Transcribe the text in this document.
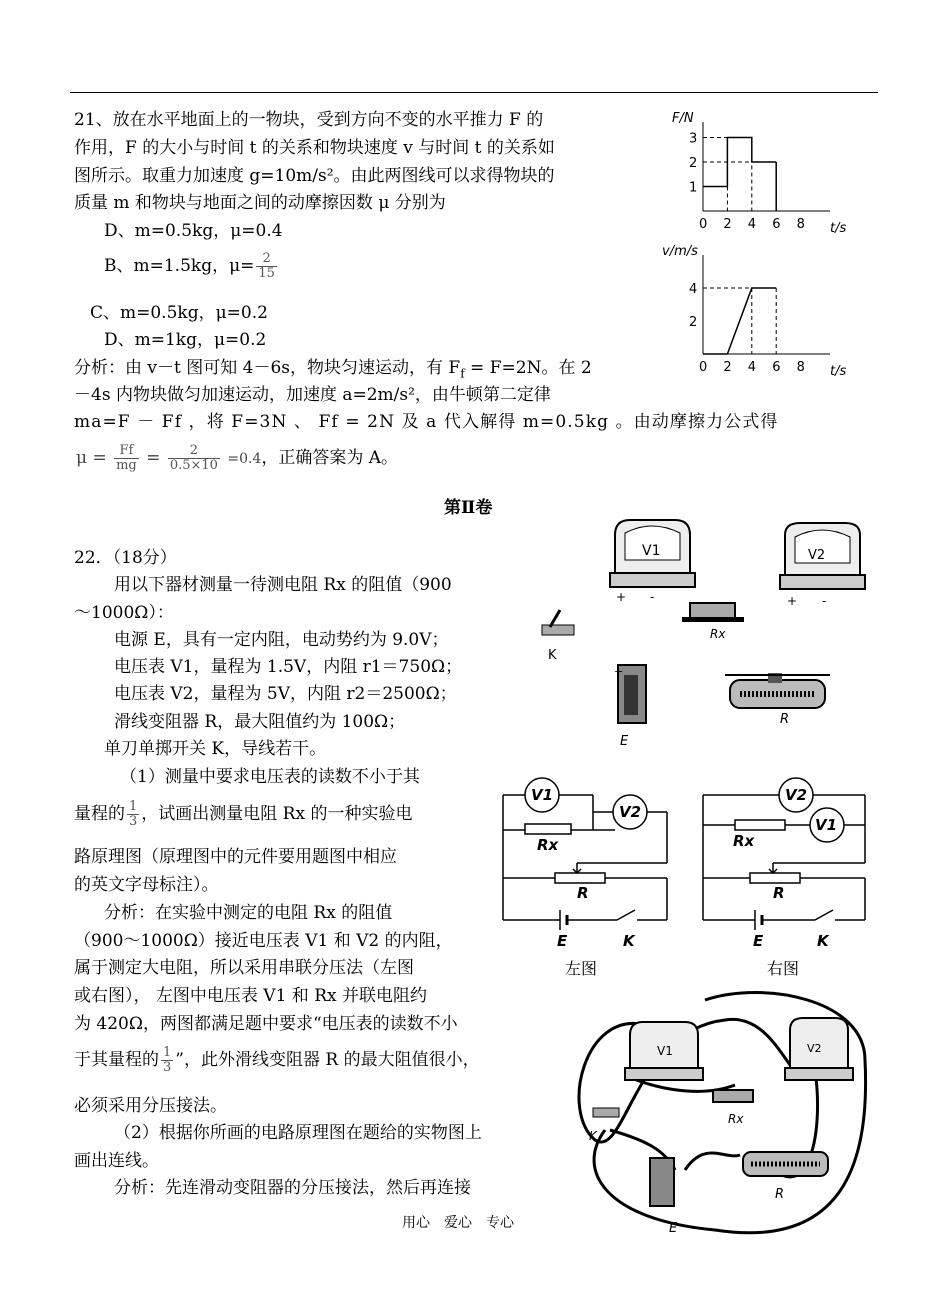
21、放在水平地面上的一物块，受到方向不变的水平推力 F 的
作用，F 的大小与时间 t 的关系和物块速度 v 与时间 t 的关系如
图所示。取重力加速度 g=10m/s²。由此两图线可以求得物块的
质量 m 和物块与地面之间的动摩擦因数 μ 分别为
D、m=0.5kg，μ=0.4
B、m=1.5kg，$\mu= \frac{2}{15}$
C、m=0.5kg，μ=0.2
D、m=1kg，μ=0.2
分析：由 v－t 图可知 4－6s，物块匀速运动，有 $F_f = F=2N$。在 2
－4s 内物块做匀加速运动，加速度 a=2m/s²，由牛顿第二定律
ma=F － Ff ，将 F=3N 、 Ff = 2N 及 a 代入解得 m=0.5kg 。由动摩擦力公式得
$\mu = \frac{Ff}{mg} = \frac{2}{0.5\times 10} =0.4$，正确答案为 A。
F/N
0 2 4 6 8
1
2
3
t/s
v/m/s
0 2 4 6 8
2
4
t/s
第Ⅱ卷
22．（18分）
用以下器材测量一待测电阻 Rx 的阻值（900
～1000Ω）：
电源 E，具有一定内阻，电动势约为 9.0V；
电压表 V1，量程为 1.5V，内阻 r1＝750Ω；
电压表 V2，量程为 5V，内阻 r2＝2500Ω；
滑线变阻器 R，最大阻值约为 100Ω；
单刀单掷开关 K，导线若干。
（1）测量中要求电压表的读数不小于其
量程的 $\frac{1}{3}$ ，试画出测量电阻 Rx 的一种实验电
路原理图（原理图中的元件要用题图中相应
的英文字母标注）。
分析：在实验中测定的电阻 Rx 的阻值
（900～1000Ω）接近电压表 V1 和 V2 的内阻，
属于测定大电阻，所以采用串联分压法（左图
或右图）， 左图中电压表 V1 和 Rx 并联电阻约
为 420Ω，两图都满足题中要求“电压表的读数不小
于其量程的 $\frac{1}{3}$ ”，此外滑线变阻器 R 的最大阻值很小，
必须采用分压接法。
（2）根据你所画的电路原理图在题给的实物图上
画出连线。
分析：先连滑动变阻器的分压接法，然后再连接
用心　爱心　专心
V1
+ -
V2
+ -
Rx
K
+
E
R
V1
V2
Rx
R
E	K
左图
V2
V1
Rx
R
E	K
右图
V1	V2
Rx
K
E
R
